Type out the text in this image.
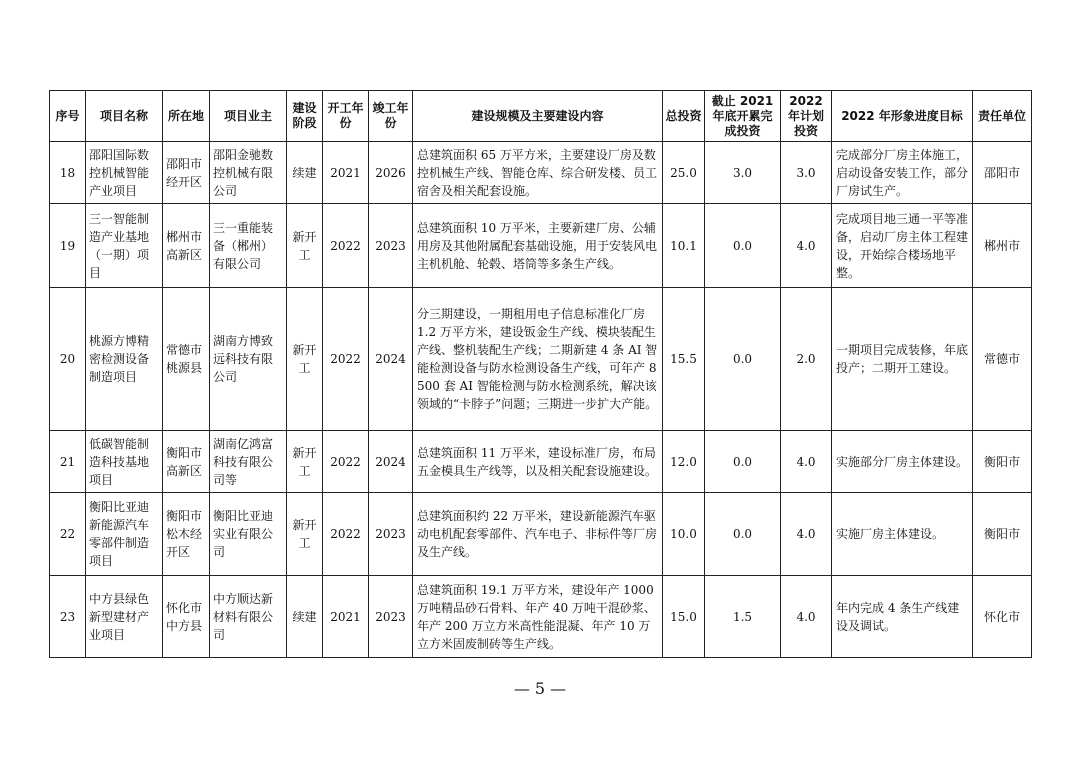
序号	项目名称	所在地	项目业主	建设阶段	开工年份	竣工年份	建设规模及主要建设内容	总投资	截止 2021 年底开累完成投资	2022 年计划投资	2022 年形象进度目标	责任单位
18	邵阳国际数控机械智能产业项目	邵阳市经开区	邵阳金驰数控机械有限公司	续建	2021	2026	总建筑面积 65 万平方米，主要建设厂房及数控机械生产线、智能仓库、综合研发楼、员工宿舍及相关配套设施。	25.0	3.0	3.0	完成部分厂房主体施工，启动设备安装工作，部分厂房试生产。	邵阳市
19	三一智能制造产业基地（一期）项目	郴州市高新区	三一重能装备（郴州）有限公司	新开工	2022	2023	总建筑面积 10 万平米，主要新建厂房、公辅用房及其他附属配套基础设施，用于安装风电主机机舱、轮毂、塔筒等多条生产线。	10.1	0.0	4.0	完成项目地三通一平等准备，启动厂房主体工程建设，开始综合楼场地平整。	郴州市
20	桃源方博精密检测设备制造项目	常德市桃源县	湖南方博致远科技有限公司	新开工	2022	2024	分三期建设，一期租用电子信息标准化厂房 1.2 万平方米，建设钣金生产线、模块装配生产线、整机装配生产线；二期新建 4 条 AI 智能检测设备与防水检测设备生产线，可年产 8500 套 AI 智能检测与防水检测系统，解决该领域的“卡脖子”问题；三期进一步扩大产能。	15.5	0.0	2.0	一期项目完成装修，年底投产；二期开工建设。	常德市
21	低碳智能制造科技基地项目	衡阳市高新区	湖南亿鸿富科技有限公司等	新开工	2022	2024	总建筑面积 11 万平米，建设标准厂房，布局五金模具生产线等，以及相关配套设施建设。	12.0	0.0	4.0	实施部分厂房主体建设。	衡阳市
22	衡阳比亚迪新能源汽车零部件制造项目	衡阳市松木经开区	衡阳比亚迪实业有限公司	新开工	2022	2023	总建筑面积约 22 万平米，建设新能源汽车驱动电机配套零部件、汽车电子、非标件等厂房及生产线。	10.0	0.0	4.0	实施厂房主体建设。	衡阳市
23	中方县绿色新型建材产业项目	怀化市中方县	中方顺达新材料有限公司	续建	2021	2023	总建筑面积 19.1 万平方米，建设年产 1000 万吨精品砂石骨料、年产 40 万吨干混砂浆、年产 200 万立方米高性能混凝、年产 10 万立方米固废制砖等生产线。	15.0	1.5	4.0	年内完成 4 条生产线建设及调试。	怀化市
— 5 —
